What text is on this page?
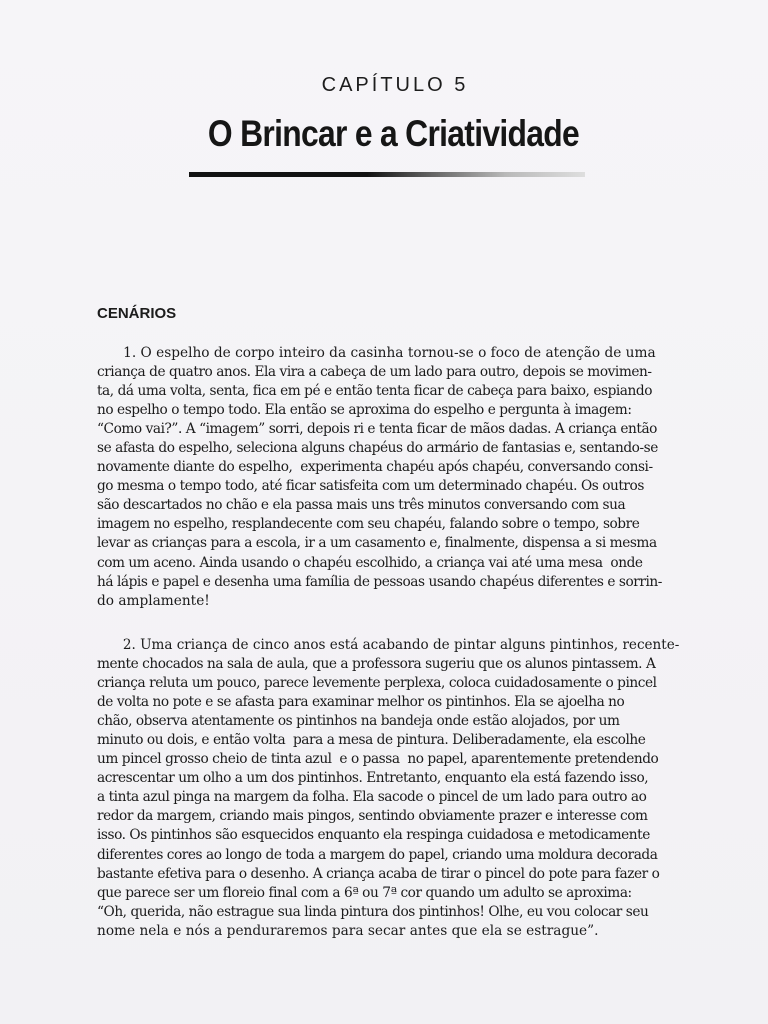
CAPÍTULO 5
O Brincar e a Criatividade
CENÁRIOS
1. O espelho de corpo inteiro da casinha tornou-se o foco de atenção de uma
criança de quatro anos. Ela vira a cabeça de um lado para outro, depois se movimen-
ta, dá uma volta, senta, fica em pé e então tenta ficar de cabeça para baixo, espiando
no espelho o tempo todo. Ela então se aproxima do espelho e pergunta à imagem:
“Como vai?”. A “imagem” sorri, depois ri e tenta ficar de mãos dadas. A criança então
se afasta do espelho, seleciona alguns chapéus do armário de fantasias e, sentando-se
novamente diante do espelho,  experimenta chapéu após chapéu, conversando consi-
go mesma o tempo todo, até ficar satisfeita com um determinado chapéu. Os outros
são descartados no chão e ela passa mais uns três minutos conversando com sua
imagem no espelho, resplandecente com seu chapéu, falando sobre o tempo, sobre
levar as crianças para a escola, ir a um casamento e, finalmente, dispensa a si mesma
com um aceno. Ainda usando o chapéu escolhido, a criança vai até uma mesa  onde
há lápis e papel e desenha uma família de pessoas usando chapéus diferentes e sorrin-
do amplamente!
2. Uma criança de cinco anos está acabando de pintar alguns pintinhos, recente-
mente chocados na sala de aula, que a professora sugeriu que os alunos pintassem. A
criança reluta um pouco, parece levemente perplexa, coloca cuidadosamente o pincel
de volta no pote e se afasta para examinar melhor os pintinhos. Ela se ajoelha no
chão, observa atentamente os pintinhos na bandeja onde estão alojados, por um
minuto ou dois, e então volta  para a mesa de pintura. Deliberadamente, ela escolhe
um pincel grosso cheio de tinta azul  e o passa  no papel, aparentemente pretendendo
acrescentar um olho a um dos pintinhos. Entretanto, enquanto ela está fazendo isso,
a tinta azul pinga na margem da folha. Ela sacode o pincel de um lado para outro ao
redor da margem, criando mais pingos, sentindo obviamente prazer e interesse com
isso. Os pintinhos são esquecidos enquanto ela respinga cuidadosa e metodicamente
diferentes cores ao longo de toda a margem do papel, criando uma moldura decorada
bastante efetiva para o desenho. A criança acaba de tirar o pincel do pote para fazer o
que parece ser um floreio final com a 6ª ou 7ª cor quando um adulto se aproxima:
“Oh, querida, não estrague sua linda pintura dos pintinhos! Olhe, eu vou colocar seu
nome nela e nós a penduraremos para secar antes que ela se estrague”.
